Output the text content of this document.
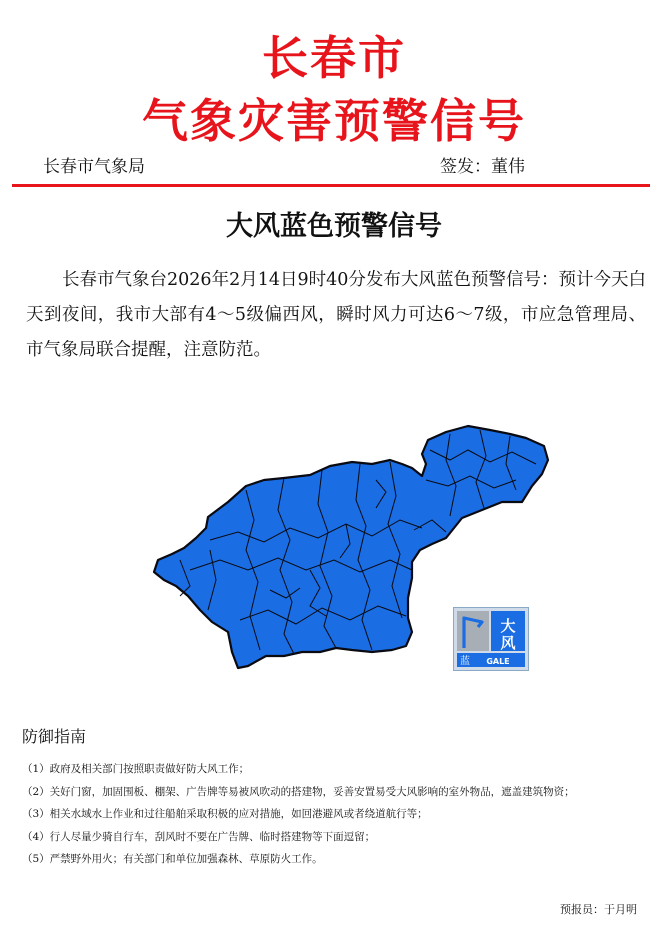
长春市
气象灾害预警信号
长春市气象局	签发：董伟
大风蓝色预警信号

长春市气象台2026年2月14日9时40分发布大风蓝色预警信号：预计今天白天到夜间，我市大部有4～5级偏西风，瞬时风力可达6～7级，市应急管理局、市气象局联合提醒，注意防范。

大
风
蓝 GALE
防御指南
（1）政府及相关部门按照职责做好防大风工作；
（2）关好门窗，加固围板、棚架、广告牌等易被风吹动的搭建物，妥善安置易受大风影响的室外物品，遮盖建筑物资；
（3）相关水域水上作业和过往船舶采取积极的应对措施，如回港避风或者绕道航行等；
（4）行人尽量少骑自行车，刮风时不要在广告牌、临时搭建物等下面逗留；
（5）严禁野外用火；有关部门和单位加强森林、草原防火工作。
预报员：于月明
